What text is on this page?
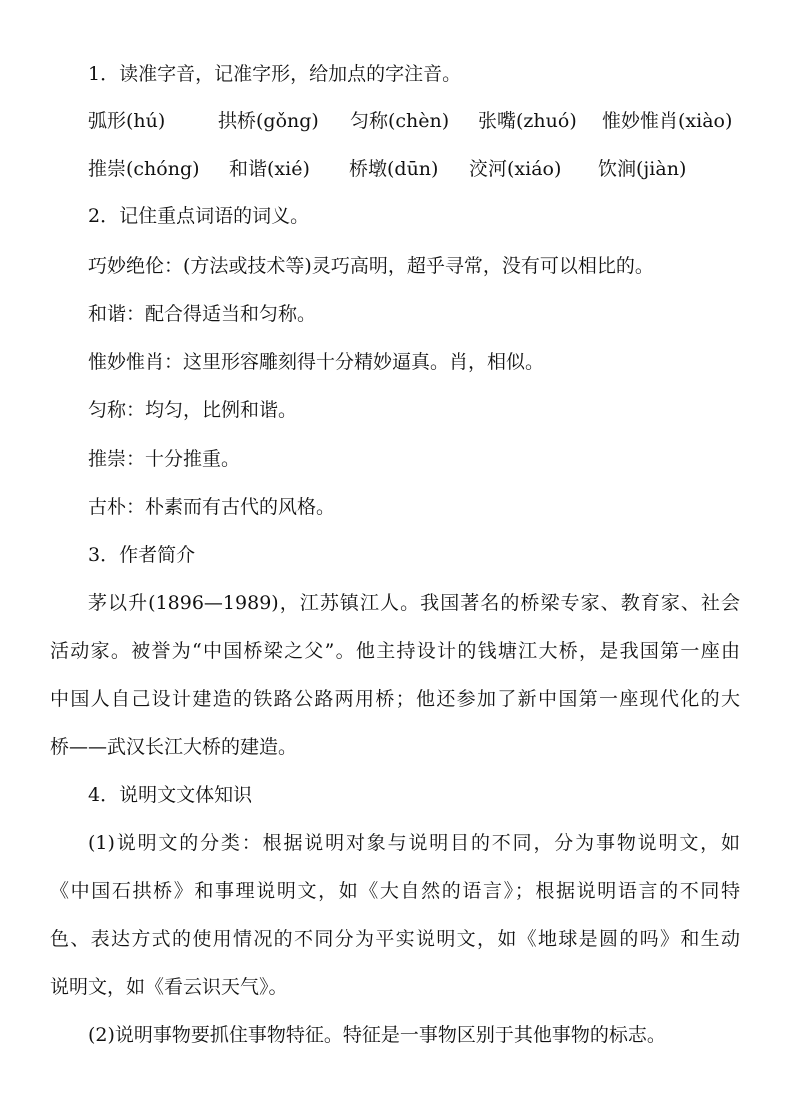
1．读准字音，记准字形，给加点的字注音。
弧形(hú)	拱桥(gǒng) 匀称(chèn) 张嘴(zhuó) 惟妙惟肖(xiào)
推崇(chóng) 和谐(xié) 桥墩(dūn) 洨河(xiáo) 饮涧(jiàn)
2．记住重点词语的词义。
巧妙绝伦：(方法或技术等)灵巧高明，超乎寻常，没有可以相比的。
和谐：配合得适当和匀称。
惟妙惟肖：这里形容雕刻得十分精妙逼真。肖，相似。
匀称：均匀，比例和谐。
推崇：十分推重。
古朴：朴素而有古代的风格。
3．作者简介
茅以升(1896—1989)，江苏镇江人。我国著名的桥梁专家、教育家、社会
活动家。被誉为“中国桥梁之父”。他主持设计的钱塘江大桥，是我国第一座由
中国人自己设计建造的铁路公路两用桥；他还参加了新中国第一座现代化的大
桥——武汉长江大桥的建造。
4．说明文文体知识
(1)说明文的分类：根据说明对象与说明目的不同，分为事物说明文，如
《中国石拱桥》和事理说明文，如《大自然的语言》；根据说明语言的不同特
色、表达方式的使用情况的不同分为平实说明文，如《地球是圆的吗》和生动
说明文，如《看云识天气》。
(2)说明事物要抓住事物特征。特征是一事物区别于其他事物的标志。
